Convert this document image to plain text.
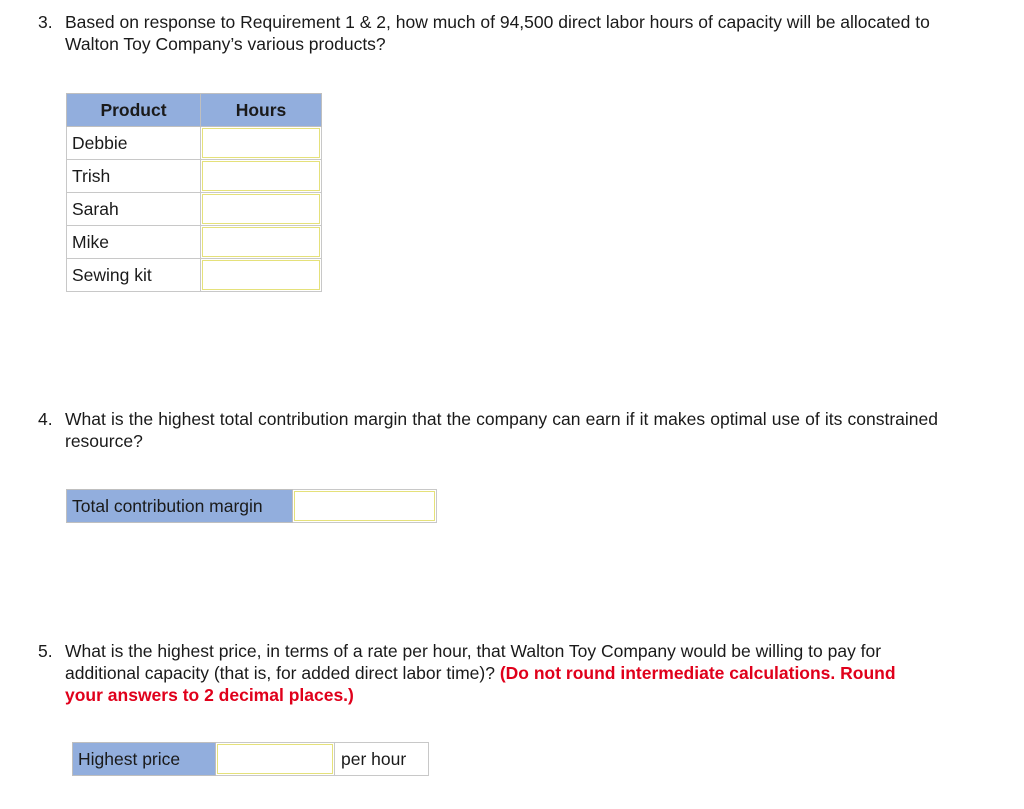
3. Based on response to Requirement 1 & 2, how much of 94,500 direct labor hours of capacity will be allocated to Walton Toy Company’s various products?
Product	Hours
Debbie	

Trish	

Sarah	

Mike	

Sewing kit	
4. What is the highest total contribution margin that the company can earn if it makes optimal use of its constrained resource?
Total contribution margin	
5. What is the highest price, in terms of a rate per hour, that Walton Toy Company would be willing to pay for additional capacity (that is, for added direct labor time)? (Do not round intermediate calculations. Round your answers to 2 decimal places.)
Highest price		per hour
